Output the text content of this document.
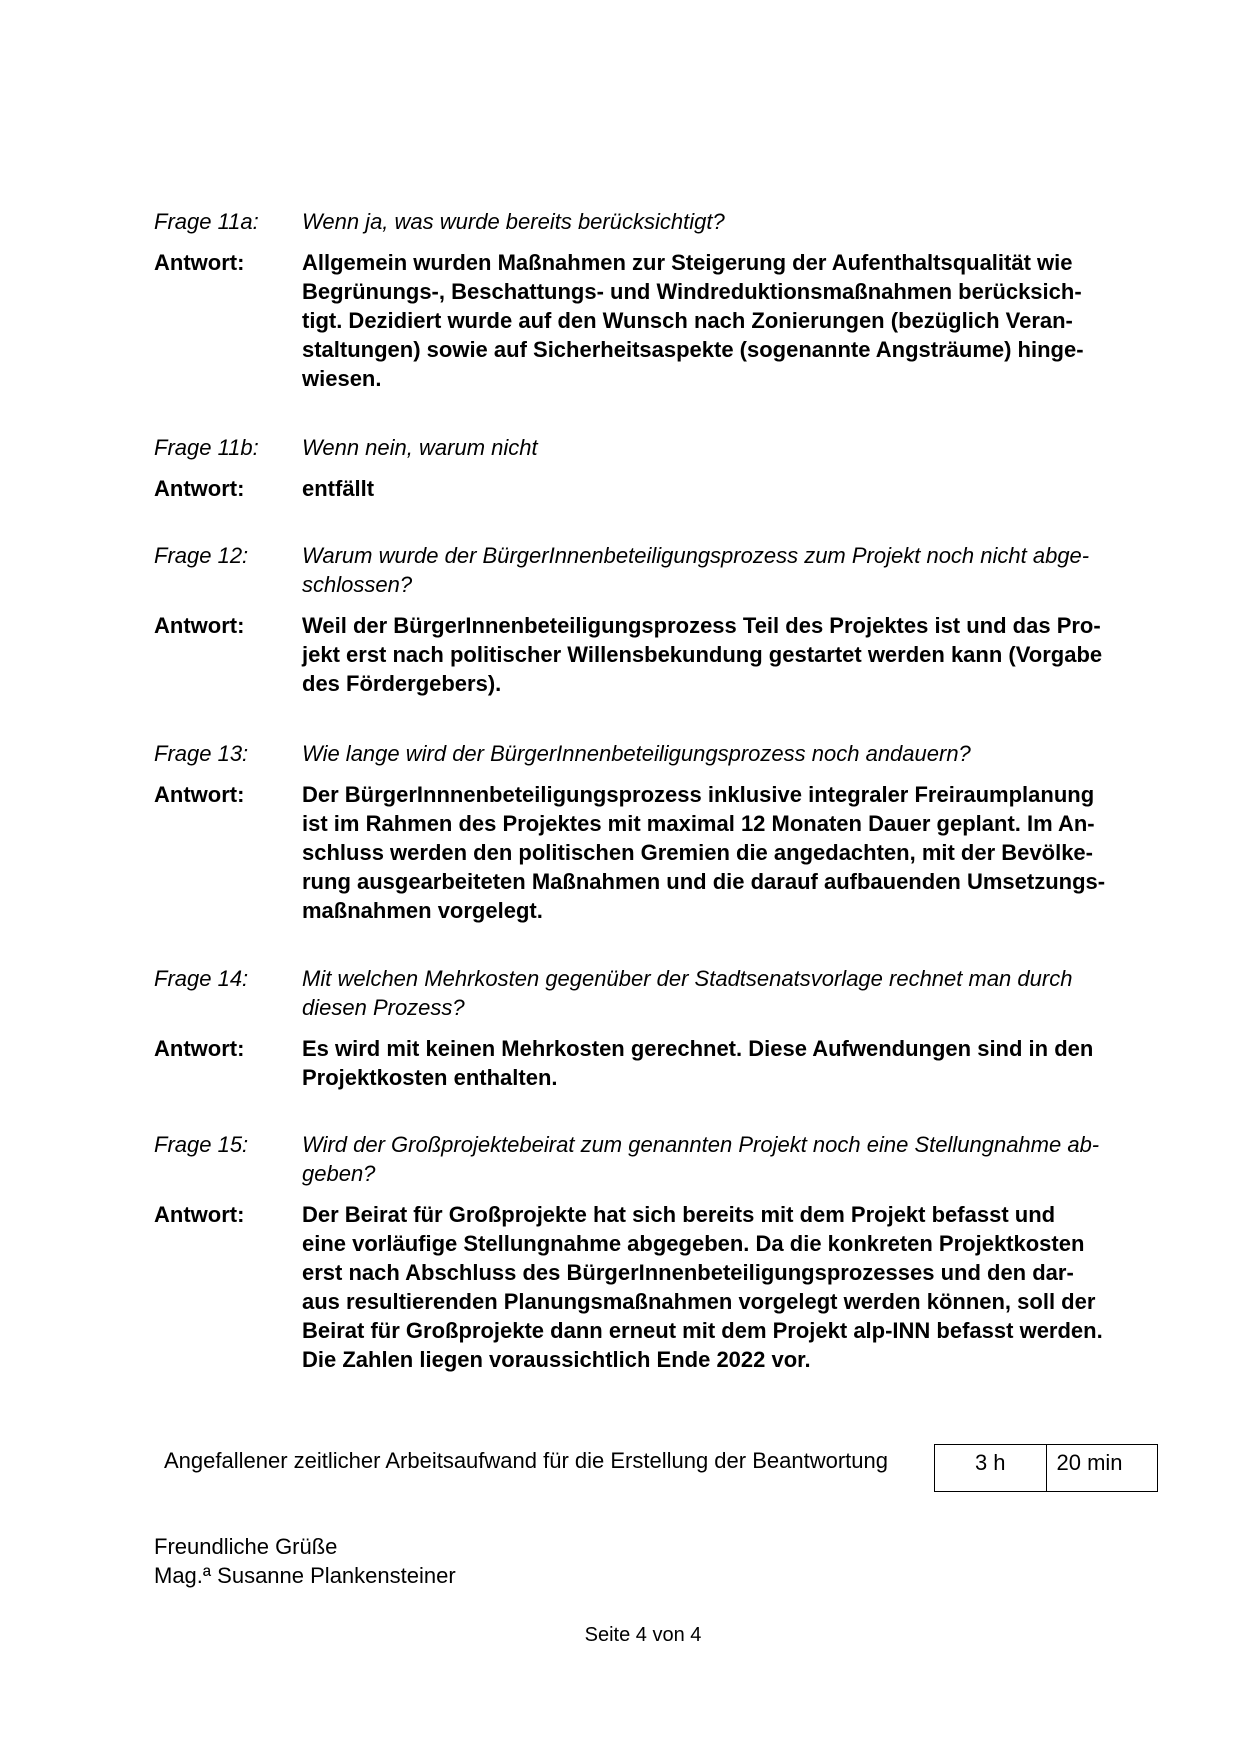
Frage 11a:	Wenn ja, was wurde bereits berücksichtigt?
Antwort:	Allgemein wurden Maßnahmen zur Steigerung der Aufenthaltsqualität wie
Begrünungs-, Beschattungs- und Windreduktionsmaßnahmen berücksich-
tigt. Dezidiert wurde auf den Wunsch nach Zonierungen (bezüglich Veran-
staltungen) sowie auf Sicherheitsaspekte (sogenannte Angsträume) hinge-
wiesen.
Frage 11b:	Wenn nein, warum nicht
Antwort:	entfällt
Frage 12:	Warum wurde der BürgerInnenbeteiligungsprozess zum Projekt noch nicht abge-
schlossen?
Antwort:	Weil der BürgerInnenbeteiligungsprozess Teil des Projektes ist und das Pro-
jekt erst nach politischer Willensbekundung gestartet werden kann (Vorgabe
des Fördergebers).
Frage 13:	Wie lange wird der BürgerInnenbeteiligungsprozess noch andauern?
Antwort:	Der BürgerInnnenbeteiligungsprozess inklusive integraler Freiraumplanung
ist im Rahmen des Projektes mit maximal 12 Monaten Dauer geplant. Im An-
schluss werden den politischen Gremien die angedachten, mit der Bevölke-
rung ausgearbeiteten Maßnahmen und die darauf aufbauenden Umsetzungs-
maßnahmen vorgelegt.
Frage 14:	Mit welchen Mehrkosten gegenüber der Stadtsenatsvorlage rechnet man durch
diesen Prozess?
Antwort:	Es wird mit keinen Mehrkosten gerechnet. Diese Aufwendungen sind in den
Projektkosten enthalten.
Frage 15:	Wird der Großprojektebeirat zum genannten Projekt noch eine Stellungnahme ab-
geben?
Antwort:	Der Beirat für Großprojekte hat sich bereits mit dem Projekt befasst und
eine vorläufige Stellungnahme abgegeben. Da die konkreten Projektkosten
erst nach Abschluss des BürgerInnenbeteiligungsprozesses und den dar-
aus resultierenden Planungsmaßnahmen vorgelegt werden können, soll der
Beirat für Großprojekte dann erneut mit dem Projekt alp-INN befasst werden.
Die Zahlen liegen voraussichtlich Ende 2022 vor.
Angefallener zeitlicher Arbeitsaufwand für die Erstellung der Beantwortung	3 h	20 min
Freundliche Grüße
Mag.ª Susanne Plankensteiner
Seite 4 von 4
